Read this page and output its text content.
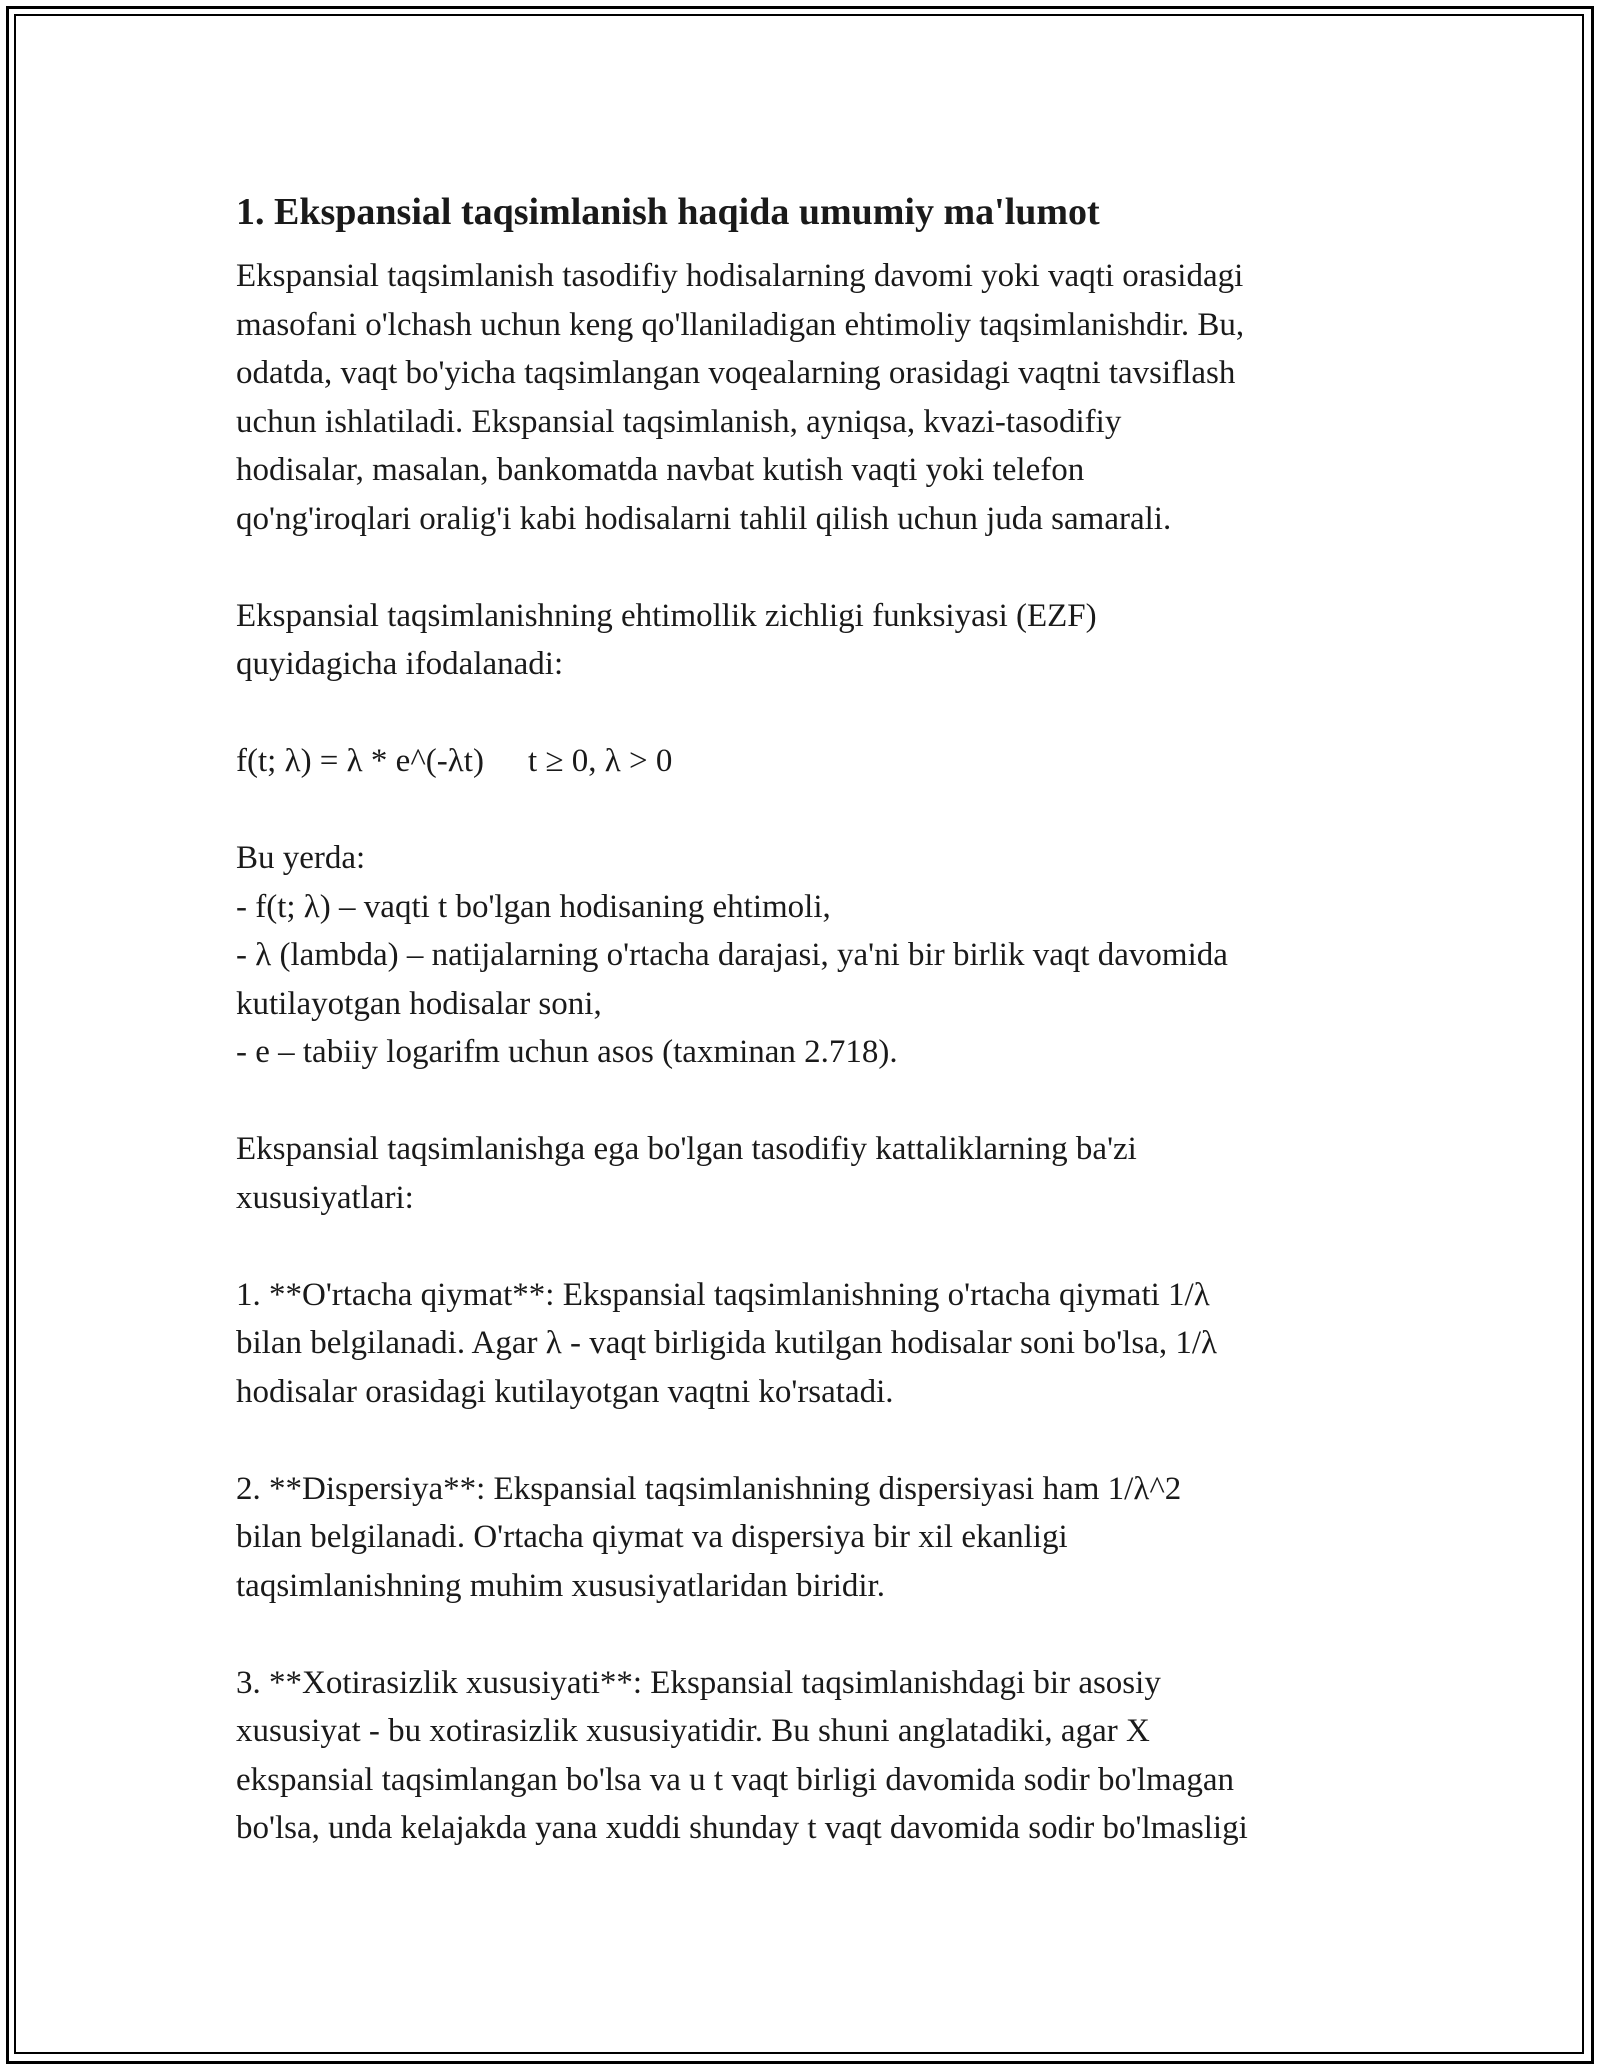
1. Ekspansial taqsimlanish haqida umumiy ma'lumot

Ekspansial taqsimlanish tasodifiy hodisalarning davomi yoki vaqti orasidagi

masofani o'lchash uchun keng qo'llaniladigan ehtimoliy taqsimlanishdir. Bu,

odatda, vaqt bo'yicha taqsimlangan voqealarning orasidagi vaqtni tavsiflash

uchun ishlatiladi. Ekspansial taqsimlanish, ayniqsa, kvazi-tasodifiy

hodisalar, masalan, bankomatda navbat kutish vaqti yoki telefon

qo'ng'iroqlari oralig'i kabi hodisalarni tahlil qilish uchun juda samarali.

Ekspansial taqsimlanishning ehtimollik zichligi funksiyasi (EZF)

quyidagicha ifodalanadi:

f(t; λ) = λ * e^(-λt) t ≥ 0, λ > 0

Bu yerda:

- f(t; λ) – vaqti t bo'lgan hodisaning ehtimoli,

- λ (lambda) – natijalarning o'rtacha darajasi, ya'ni bir birlik vaqt davomida

kutilayotgan hodisalar soni,

- e – tabiiy logarifm uchun asos (taxminan 2.718).

Ekspansial taqsimlanishga ega bo'lgan tasodifiy kattaliklarning ba'zi

xususiyatlari:

1. **O'rtacha qiymat**: Ekspansial taqsimlanishning o'rtacha qiymati 1/λ

bilan belgilanadi. Agar λ - vaqt birligida kutilgan hodisalar soni bo'lsa, 1/λ

hodisalar orasidagi kutilayotgan vaqtni ko'rsatadi.

2. **Dispersiya**: Ekspansial taqsimlanishning dispersiyasi ham 1/λ^2

bilan belgilanadi. O'rtacha qiymat va dispersiya bir xil ekanligi

taqsimlanishning muhim xususiyatlaridan biridir.

3. **Xotirasizlik xususiyati**: Ekspansial taqsimlanishdagi bir asosiy

xususiyat - bu xotirasizlik xususiyatidir. Bu shuni anglatadiki, agar X

ekspansial taqsimlangan bo'lsa va u t vaqt birligi davomida sodir bo'lmagan

bo'lsa, unda kelajakda yana xuddi shunday t vaqt davomida sodir bo'lmasligi
